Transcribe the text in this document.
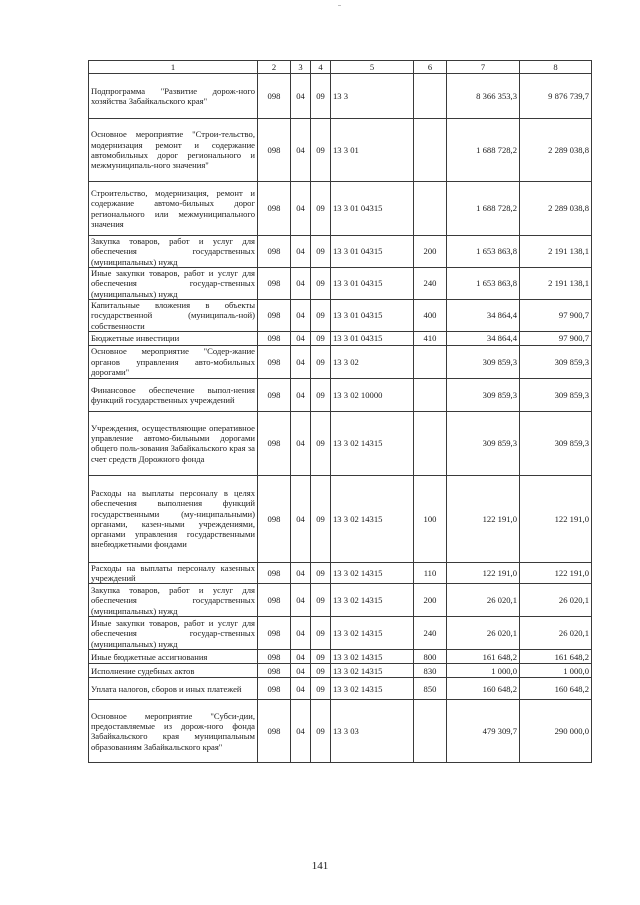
1	2	3	4	5	6	7	8
Подпрограмма "Развитие дорож-ного хозяйства Забайкальского края"	098	04	09	13 3		8 366 353,3	9 876 739,7
Основное мероприятие "Строи-тельство, модернизация ремонт и содержание автомобильных дорог регионального и межмуниципаль-ного значения"	098	04	09	13 3 01		1 688 728,2	2 289 038,8
Строительство, модернизация, ремонт и содержание автомо-бильных дорог регионального или межмуниципального значения	098	04	09	13 3 01 04315		1 688 728,2	2 289 038,8
Закупка товаров, работ и услуг для обеспечения государственных (муниципальных) нужд	098	04	09	13 3 01 04315	200	1 653 863,8	2 191 138,1
Иные закупки товаров, работ и услуг для обеспечения государ-ственных (муниципальных) нужд	098	04	09	13 3 01 04315	240	1 653 863,8	2 191 138,1
Капитальные вложения в объекты государственной (муниципаль-ной) собственности	098	04	09	13 3 01 04315	400	34 864,4	97 900,7
Бюджетные инвестиции	098	04	09	13 3 01 04315	410	34 864,4	97 900,7
Основное мероприятие "Содер-жание органов управления авто-мобильных дорогами"	098	04	09	13 3 02		309 859,3	309 859,3
Финансовое обеспечение выпол-нения функций государственных учреждений	098	04	09	13 3 02 10000		309 859,3	309 859,3
Учреждения, осуществляющие оперативное управление автомо-бильными дорогами общего поль-зования Забайкальского края за счет средств Дорожного фонда	098	04	09	13 3 02 14315		309 859,3	309 859,3
Расходы на выплаты персоналу в целях обеспечения выполнения функций государственными (му-ниципальными) органами, казен-ными учреждениями, органами управления государственными внебюджетными фондами	098	04	09	13 3 02 14315	100	122 191,0	122 191,0
Расходы на выплаты персоналу казенных учреждений	098	04	09	13 3 02 14315	110	122 191,0	122 191,0
Закупка товаров, работ и услуг для обеспечения государственных (муниципальных) нужд	098	04	09	13 3 02 14315	200	26 020,1	26 020,1
Иные закупки товаров, работ и услуг для обеспечения государ-ственных (муниципальных) нужд	098	04	09	13 3 02 14315	240	26 020,1	26 020,1
Иные бюджетные ассигнования	098	04	09	13 3 02 14315	800	161 648,2	161 648,2
Исполнение судебных актов	098	04	09	13 3 02 14315	830	1 000,0	1 000,0
Уплата налогов, сборов и иных платежей	098	04	09	13 3 02 14315	850	160 648,2	160 648,2
Основное мероприятие "Субси-дии, предоставляемые из дорож-ного фонда Забайкальского края муниципальным образованиям Забайкальского края"	098	04	09	13 3 03		479 309,7	290 000,0
141
